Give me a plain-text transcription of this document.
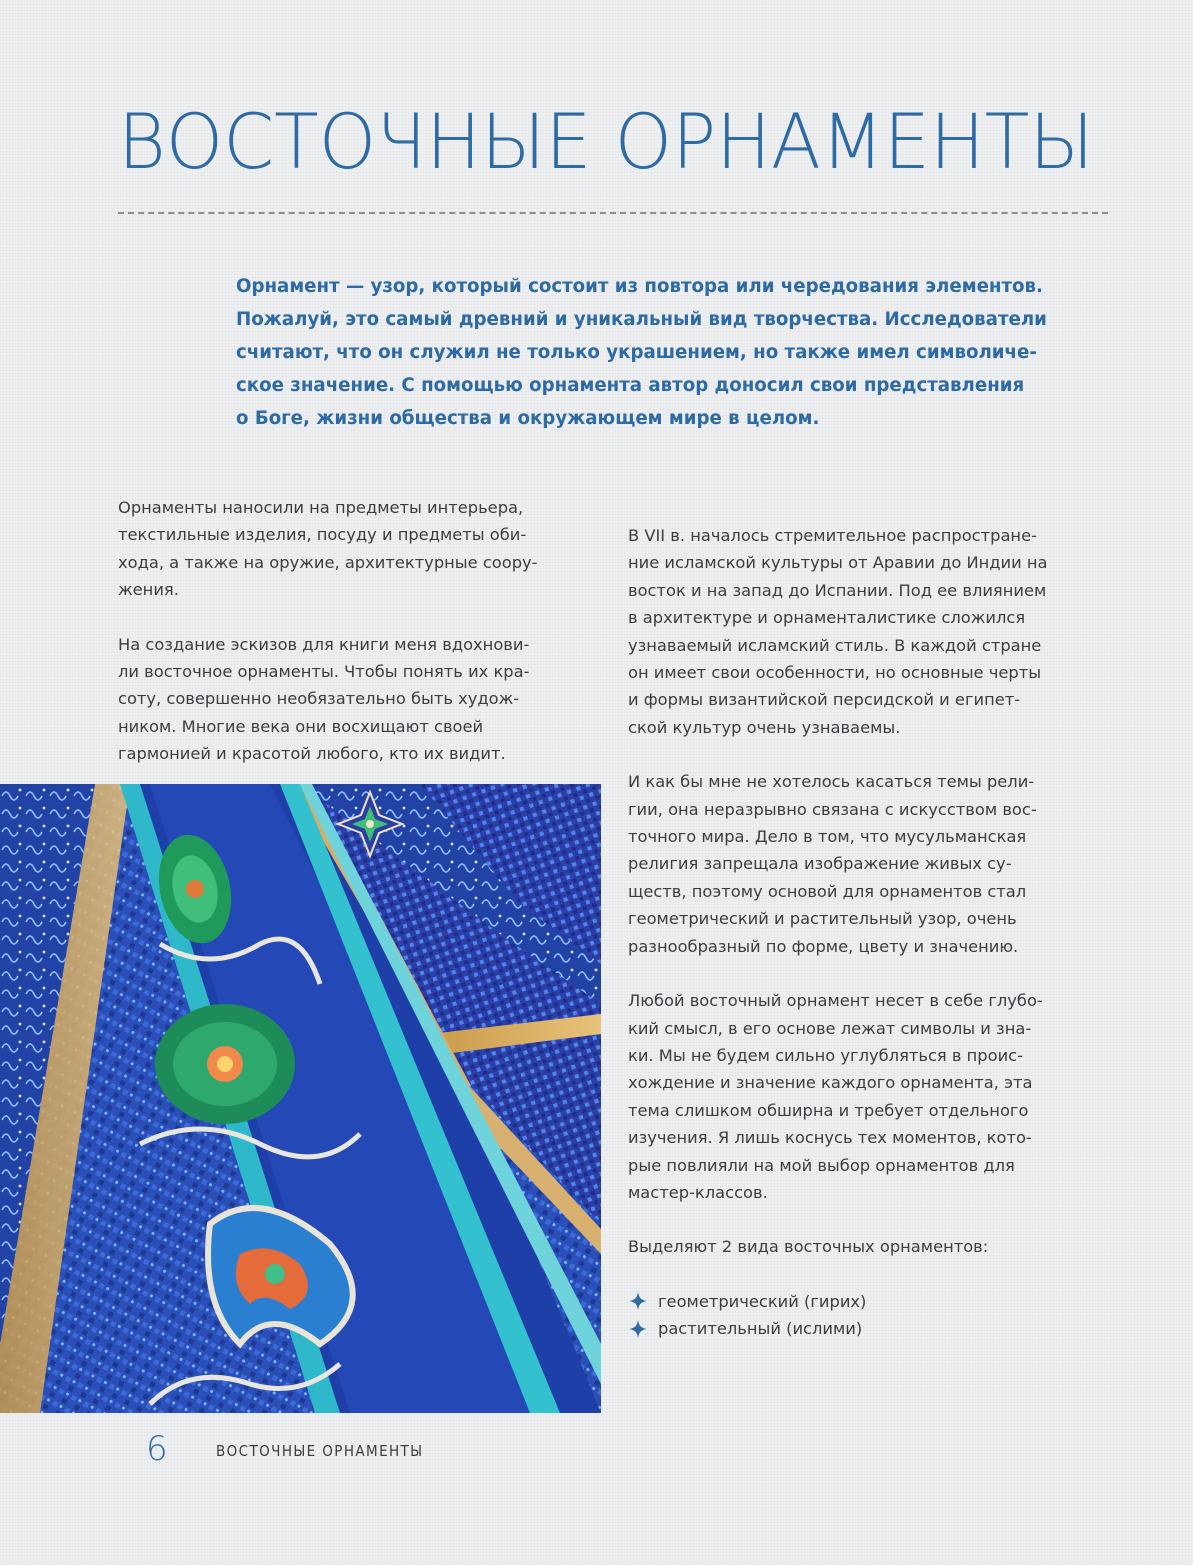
ВОСТОЧНЫЕ ОРНАМЕНТЫ
Орнамент — узор, который состоит из повтора или чередования элементов.
Пожалуй, это самый древний и уникальный вид творчества. Исследователи
считают, что он служил не только украшением, но также имел символиче-
ское значение. С помощью орнамента автор доносил свои представления
о Боге, жизни общества и окружающем мире в целом.
Орнаменты наносили на предметы интерьера,
текстильные изделия, посуду и предметы оби-
хода, а также на оружие, архитектурные соору-
жения.
На создание эскизов для книги меня вдохнови-
ли восточное орнаменты. Чтобы понять их кра-
соту, совершенно необязательно быть худож-
ником. Многие века они восхищают своей
гармонией и красотой любого, кто их видит.
В VII в. началось стремительное распростране-
ние исламской культуры от Аравии до Индии на
восток и на запад до Испании. Под ее влиянием
в архитектуре и орнаменталистике сложился
узнаваемый исламский стиль. В каждой стране
он имеет свои особенности, но основные черты
и формы византийской персидской и египет-
ской культур очень узнаваемы.
И как бы мне не хотелось касаться темы рели-
гии, она неразрывно связана с искусством вос-
точного мира. Дело в том, что мусульманская
религия запрещала изображение живых су-
ществ, поэтому основой для орнаментов стал
геометрический и растительный узор, очень
разнообразный по форме, цвету и значению.
Любой восточный орнамент несет в себе глубо-
кий смысл, в его основе лежат символы и зна-
ки. Мы не будем сильно углубляться в проис-
хождение и значение каждого орнамента, эта
тема слишком обширна и требует отдельного
изучения. Я лишь коснусь тех моментов, кото-
рые повлияли на мой выбор орнаментов для
мастер-классов.
Выделяют 2 вида восточных орнаментов:
геометрический (гирих)
растительный (ислими)
6	ВОСТОЧНЫЕ ОРНАМЕНТЫ
